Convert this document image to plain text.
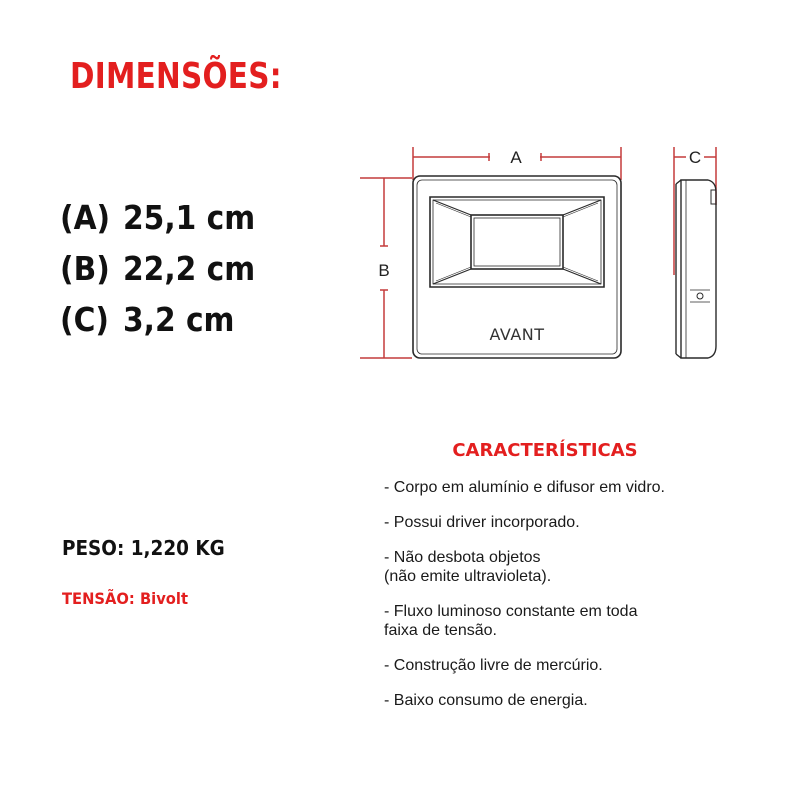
DIMENSÕES:
(A) 25,1 cm
(B) 22,2 cm
(C) 3,2 cm
PESO: 1,220 KG
TENSÃO: Bivolt
A
B
C
AVANT
CARACTERÍSTICAS
- Corpo em alumínio e difusor em vidro.
- Possui driver incorporado.
- Não desbota objetos
(não emite ultravioleta).
- Fluxo luminoso constante em toda
faixa de tensão.
- Construção livre de mercúrio.
- Baixo consumo de energia.
